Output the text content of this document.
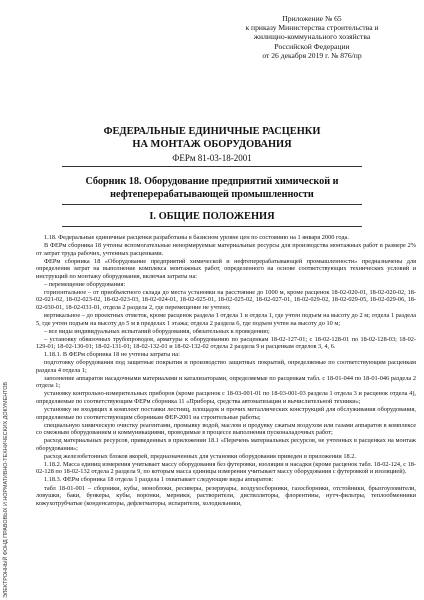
Приложение № 65
к приказу Министерства строительства и
жилищно-коммунального хозяйства
Российской Федерации
от 26 декабря 2019 г. № 876/пр
ФЕДЕРАЛЬНЫЕ ЕДИНИЧНЫЕ РАСЦЕНКИ
НА МОНТАЖ ОБОРУДОВАНИЯ
ФЕРм 81-03-18-2001
Сборник 18. Оборудование предприятий химической и
нефтеперерабатывающей промышленности
I. ОБЩИЕ ПОЛОЖЕНИЯ

1.18. Федеральные единичные расценки разработаны в базисном уровне цен по состоянию на 1 января 2000 года.

В ФЕРм сборника 18 учтены вспомогательные ненормируемые материальные ресурсы для производства монтажных работ в размере 2% от затрат труда рабочих, учтенных расценками.

ФЕРм сборника 18 «Оборудование предприятий химической и нефтеперерабатывающей промышленности» предназначены для определения затрат на выполнение комплекса монтажных работ, определенного на основе соответствующих технических условий и инструкций по монтажу оборудования, включая затраты на:

– перемещение оборудования:

горизонтальное – от приобъектного склада до места установки на расстояние до 1000 м, кроме расценок 18-02-020-01, 18-02-020-02, 18-02-021-02, 18-02-023-02, 18-02-023-03, 18-02-024-01, 18-02-025-01, 18-02-025-02, 18-02-027-01, 18-02-029-02, 18-02-029-05, 18-02-029-06, 18-02-030-01, 18-02-031-01, отдела 2 раздела 2, где перемещение не учтено;

вертикальное – до проектных отметок, кроме расценок раздела 1 отдела 1 и отдела 1, где учтен подъем на высоту до 2 м; отдела 1 раздела 5, где учтен подъем на высоту до 5 м в пределах 1 этажа; отдела 2 раздела 6, где подъем учтен на высоту до 10 м;

– все виды индивидуальных испытаний оборудования, обязательных к проведению;

– установку обвязочных трубопроводов, арматуры к оборудованию по расценкам 18-02-127-01; с 18-02-128-01 по 18-02-128-03; 18-02-129-01; 18-02-130-01; 18-02-131-01; 18-02-132-01 и 18-02-132-02 отдела 2 раздела 9 и расценкам отделов 3, 4, 6.

1.18.1. В ФЕРм сборника 18 не учтены затраты на:

подготовку оборудования под защитные покрытия и производство защитных покрытий, определяемые по соответствующим расценкам раздела 4 отдела 1;

заполнение аппаратов насадочными материалами и катализаторами, определяемые по расценкам табл. с 18-01-044 по 18-01-046 раздела 2 отдела 1;

установку контрольно-измерительных приборов (кроме расценок с 18-03-001-01 по 18-03-001-03 раздела 1 отдела 3 и расценок отдела 4), определяемые по соответствующим ФЕРм сборника 11 «Приборы, средства автоматизации и вычислительной техники»;

установку не входящих в комплект поставки лестниц, площадок и прочих металлических конструкций для обслуживания оборудования, определяемые по соответствующим сборникам ФЕР-2001 на строительные работы;

специальную химическую очистку реагентами, промывку водой, маслом и продувку сжатым воздухом или газами аппаратов в комплексе со смежным оборудованием и коммуникациями, проводимые в процессе выполнения пусконаладочных работ;

расход материальных ресурсов, приведенных в приложении 18.1 «Перечень материальных ресурсов, не учтенных в расценках на монтаж оборудования»;

расход железобетонных блоков якорей, предназначенных для установки оборудования приведен в приложении 18.2.

1.18.2. Масса единиц измерения учитывает массу оборудования без футеровки, изоляции и насадки (кроме расценок табл. 18-02-124, с 18-02-128 по 18-02-132 отдела 2 раздела 9, по которым масса единицы измерения учитывает массу оборудования с футеровкой и изоляцией).

1.18.3. ФЕРм сборника 18 отдела 1 раздела 1 охватывает следующие виды аппаратов:

табл 18-01-001 – сборники, кубы, моноблоки, ресиверы, резервуары, воздухосборники, газосборники, отстойники, брызгоуловители, ловушки, баки, бункеры, кубы, воронки, мерники, растворители, дистилляторы, флорентины, нутч-фильтры, теплообменники кожухотрубчатые (конденсаторы, дефлегматоры, испарители, холодильники,

ЭЛЕКТРОННЫЙ ФОНД ПРАВОВЫХ И НОРМАТИВНО-ТЕХНИЧЕСКИХ ДОКУМЕНТОВ
